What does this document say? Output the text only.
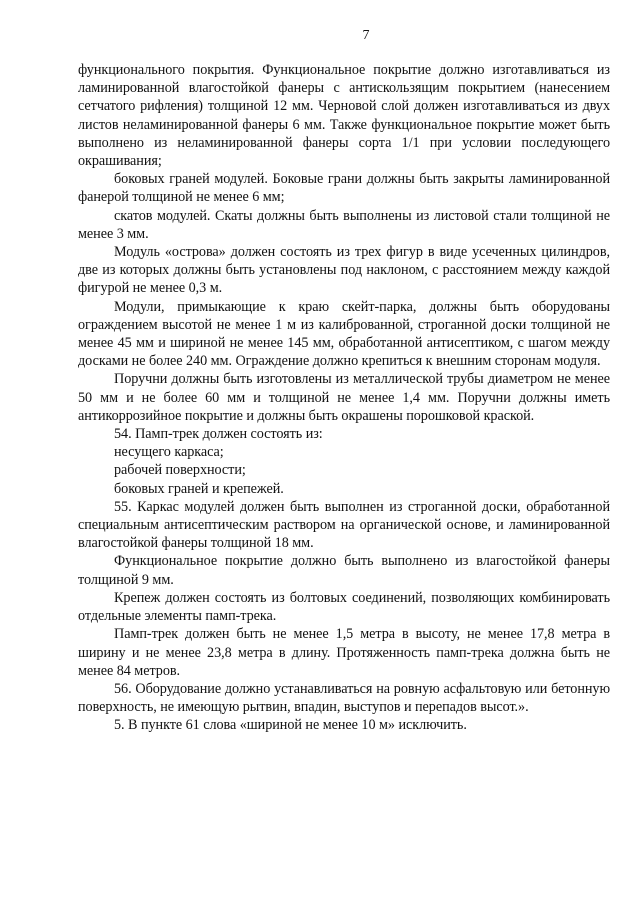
7

функционального покрытия. Функциональное покрытие должно изготавливаться из ламинированной влагостойкой фанеры с антискользящим покрытием (нанесением сетчатого рифления) толщиной 12 мм. Черновой слой должен изготавливаться из двух листов неламинированной фанеры 6 мм. Также функциональное покрытие может быть выполнено из неламинированной фанеры сорта 1/1 при условии последующего окрашивания;

боковых граней модулей. Боковые грани должны быть закрыты ламинированной фанерой толщиной не менее 6 мм;

скатов модулей. Скаты должны быть выполнены из листовой стали толщиной не менее 3 мм.

Модуль «острова» должен состоять из трех фигур в виде усеченных цилиндров, две из которых должны быть установлены под наклоном, с расстоянием между каждой фигурой не менее 0,3 м.

Модули, примыкающие к краю скейт-парка, должны быть оборудованы ограждением высотой не менее 1 м из калиброванной, строганной доски толщиной не менее 45 мм и шириной не менее 145 мм, обработанной антисептиком, с шагом между досками не более 240 мм. Ограждение должно крепиться к внешним сторонам модуля.

Поручни должны быть изготовлены из металлической трубы диаметром не менее 50 мм и не более 60 мм и толщиной не менее 1,4 мм. Поручни должны иметь антикоррозийное покрытие и должны быть окрашены порошковой краской.

54. Памп-трек должен состоять из:

несущего каркаса;

рабочей поверхности;

боковых граней и крепежей.

55. Каркас модулей должен быть выполнен из строганной доски, обработанной специальным антисептическим раствором на органической основе, и ламинированной влагостойкой фанеры толщиной 18 мм.

Функциональное покрытие должно быть выполнено из влагостойкой фанеры толщиной 9 мм.

Крепеж должен состоять из болтовых соединений, позволяющих комбинировать отдельные элементы памп-трека.

Памп-трек должен быть не менее 1,5 метра в высоту, не менее 17,8 метра в ширину и не менее 23,8 метра в длину. Протяженность памп-трека должна быть не менее 84 метров.

56. Оборудование должно устанавливаться на ровную асфальтовую или бетонную поверхность, не имеющую рытвин, впадин, выступов и перепадов высот.».

5. В пункте 61 слова «шириной не менее 10 м» исключить.
